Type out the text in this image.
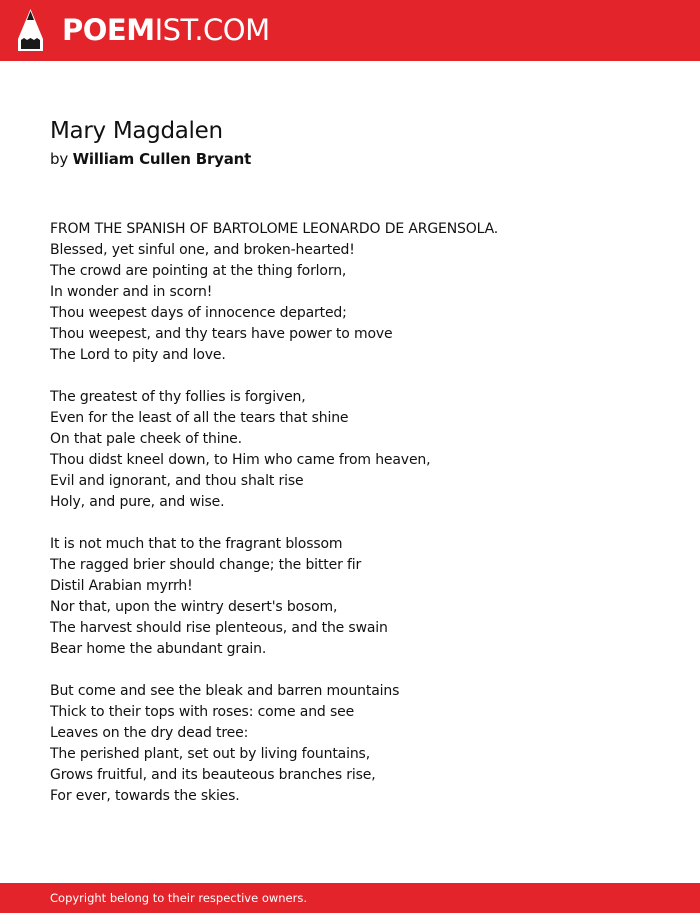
POEMIST.COM
Mary Magdalen
by William Cullen Bryant
FROM THE SPANISH OF BARTOLOME LEONARDO DE ARGENSOLA.
Blessed, yet sinful one, and broken-hearted!
The crowd are pointing at the thing forlorn,
In wonder and in scorn!
Thou weepest days of innocence departed;
Thou weepest, and thy tears have power to move
The Lord to pity and love.
The greatest of thy follies is forgiven,
Even for the least of all the tears that shine
On that pale cheek of thine.
Thou didst kneel down, to Him who came from heaven,
Evil and ignorant, and thou shalt rise
Holy, and pure, and wise.
It is not much that to the fragrant blossom
The ragged brier should change; the bitter fir
Distil Arabian myrrh!
Nor that, upon the wintry desert's bosom,
The harvest should rise plenteous, and the swain
Bear home the abundant grain.
But come and see the bleak and barren mountains
Thick to their tops with roses: come and see
Leaves on the dry dead tree:
The perished plant, set out by living fountains,
Grows fruitful, and its beauteous branches rise,
For ever, towards the skies.
Copyright belong to their respective owners.
